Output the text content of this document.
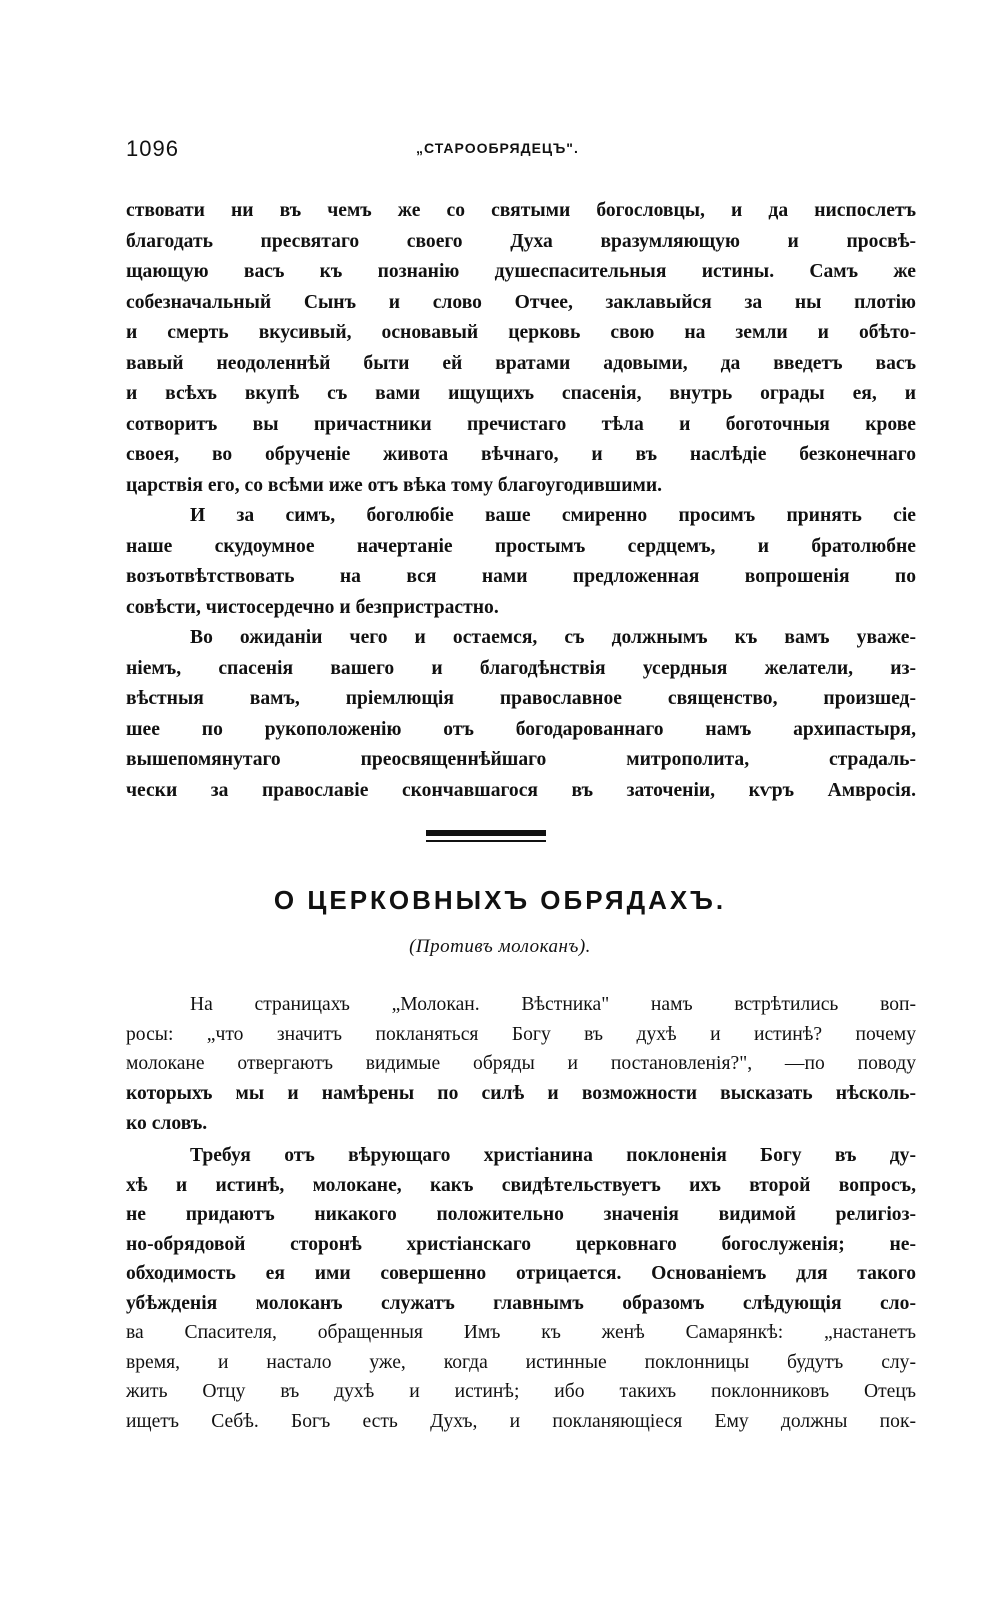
1096	„СТАРООБРЯДЕЦЪ".

ствовати ни въ чемъ же со святыми богословцы, и да ниспослетъ
благодать пресвятаго своего Духа вразумляющую и просвѣ-
щающую васъ къ познанію душеспасительныя истины. Самъ же
собезначальный Сынъ и слово Отчее, заклавыйся за ны плотію
и смерть вкусивый, основавый церковь свою на земли и обѣто-
вавый неодоленнѣй быти ей вратами адовыми, да введетъ васъ
и всѣхъ вкупѣ съ вами ищущихъ спасенія, внутрь ограды ея, и
сотворитъ вы причастники пречистаго тѣла и боготочныя крове
своея, во обрученіе живота вѣчнаго, и въ наслѣдіе безконечнаго
царствія его, со всѣми иже отъ вѣка тому благоугодившими.

И за симъ, боголюбіе ваше смиренно просимъ принять сіе
наше скудоумное начертаніе простымъ сердцемъ, и братолюбне
возъотвѣтствовать на вся нами предложенная вопрошенія по
совѣсти, чистосердечно и безпристрастно.

Во ожиданіи чего и остаемся, съ должнымъ къ вамъ уваже-
ніемъ, спасенія вашего и благодѣнствія усердныя желатели, из-
вѣстныя вамъ, пріемлющія православное священство, произшед-
шее по рукоположенію отъ богодарованнаго намъ архипастыря,
вышепомянутаго преосвященнѣйшаго митрополита, страдаль-
чески за православіе скончавшагося въ заточеніи, кѵръ Амвросія.

О ЦЕРКОВНЫХЪ ОБРЯДАХЪ.
(Противъ молоканъ).

На страницахъ „Молокан. Вѣстника" намъ встрѣтились воп-
росы: „что значитъ покланяться Богу въ духѣ и истинѣ? почему
молокане отвергаютъ видимые обряды и постановленія?", —по поводу

которыхъ мы и намѣрены по силѣ и возможности высказать нѣсколь-
ко словъ.

Требуя отъ вѣрующаго христіанина поклоненія Богу въ ду-
хѣ и истинѣ, молокане, какъ свидѣтельствуетъ ихъ второй вопросъ,
не придаютъ никакого положительно значенія видимой религіоз-
но-обрядовой сторонѣ христіанскаго церковнаго богослуженія; не-
обходимость ея ими совершенно отрицается. Основаніемъ для такого
убѣжденія молоканъ служатъ главнымъ образомъ слѣдующія сло-

ва Спасителя, обращенныя Имъ къ женѣ Самарянкѣ: „настанетъ
время, и настало уже, когда истинные поклонницы будутъ слу-
жить Отцу въ духѣ и истинѣ; ибо такихъ поклонниковъ Отецъ
ищетъ Себѣ. Богъ есть Духъ, и покланяющіеся Ему должны пок-
